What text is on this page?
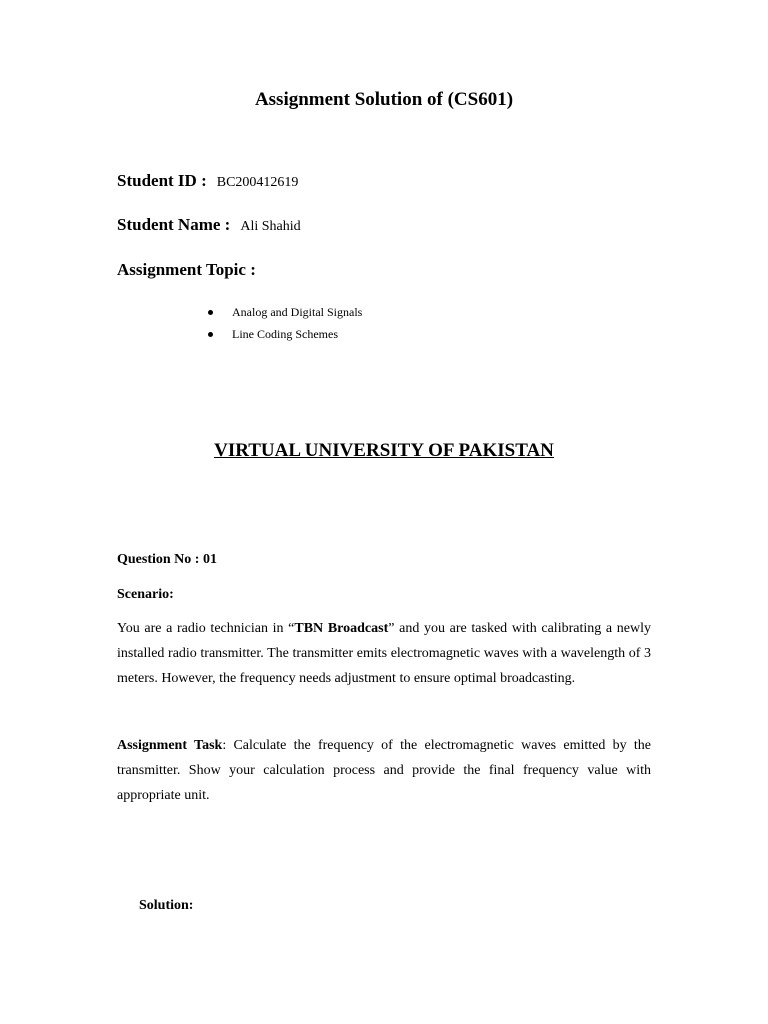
Assignment Solution of (CS601)
Student ID : BC200412619
Student Name : Ali Shahid
Assignment Topic :
Analog and Digital Signals
Line Coding Schemes
VIRTUAL UNIVERSITY OF PAKISTAN
Question No : 01
Scenario:

You are a radio technician in “TBN Broadcast” and you are tasked with calibrating a newly installed radio transmitter. The transmitter emits electromagnetic waves with a wavelength of 3 meters. However, the frequency needs adjustment to ensure optimal broadcasting.

Assignment Task: Calculate the frequency of the electromagnetic waves emitted by the transmitter. Show your calculation process and provide the final frequency value with appropriate unit.

Solution:
